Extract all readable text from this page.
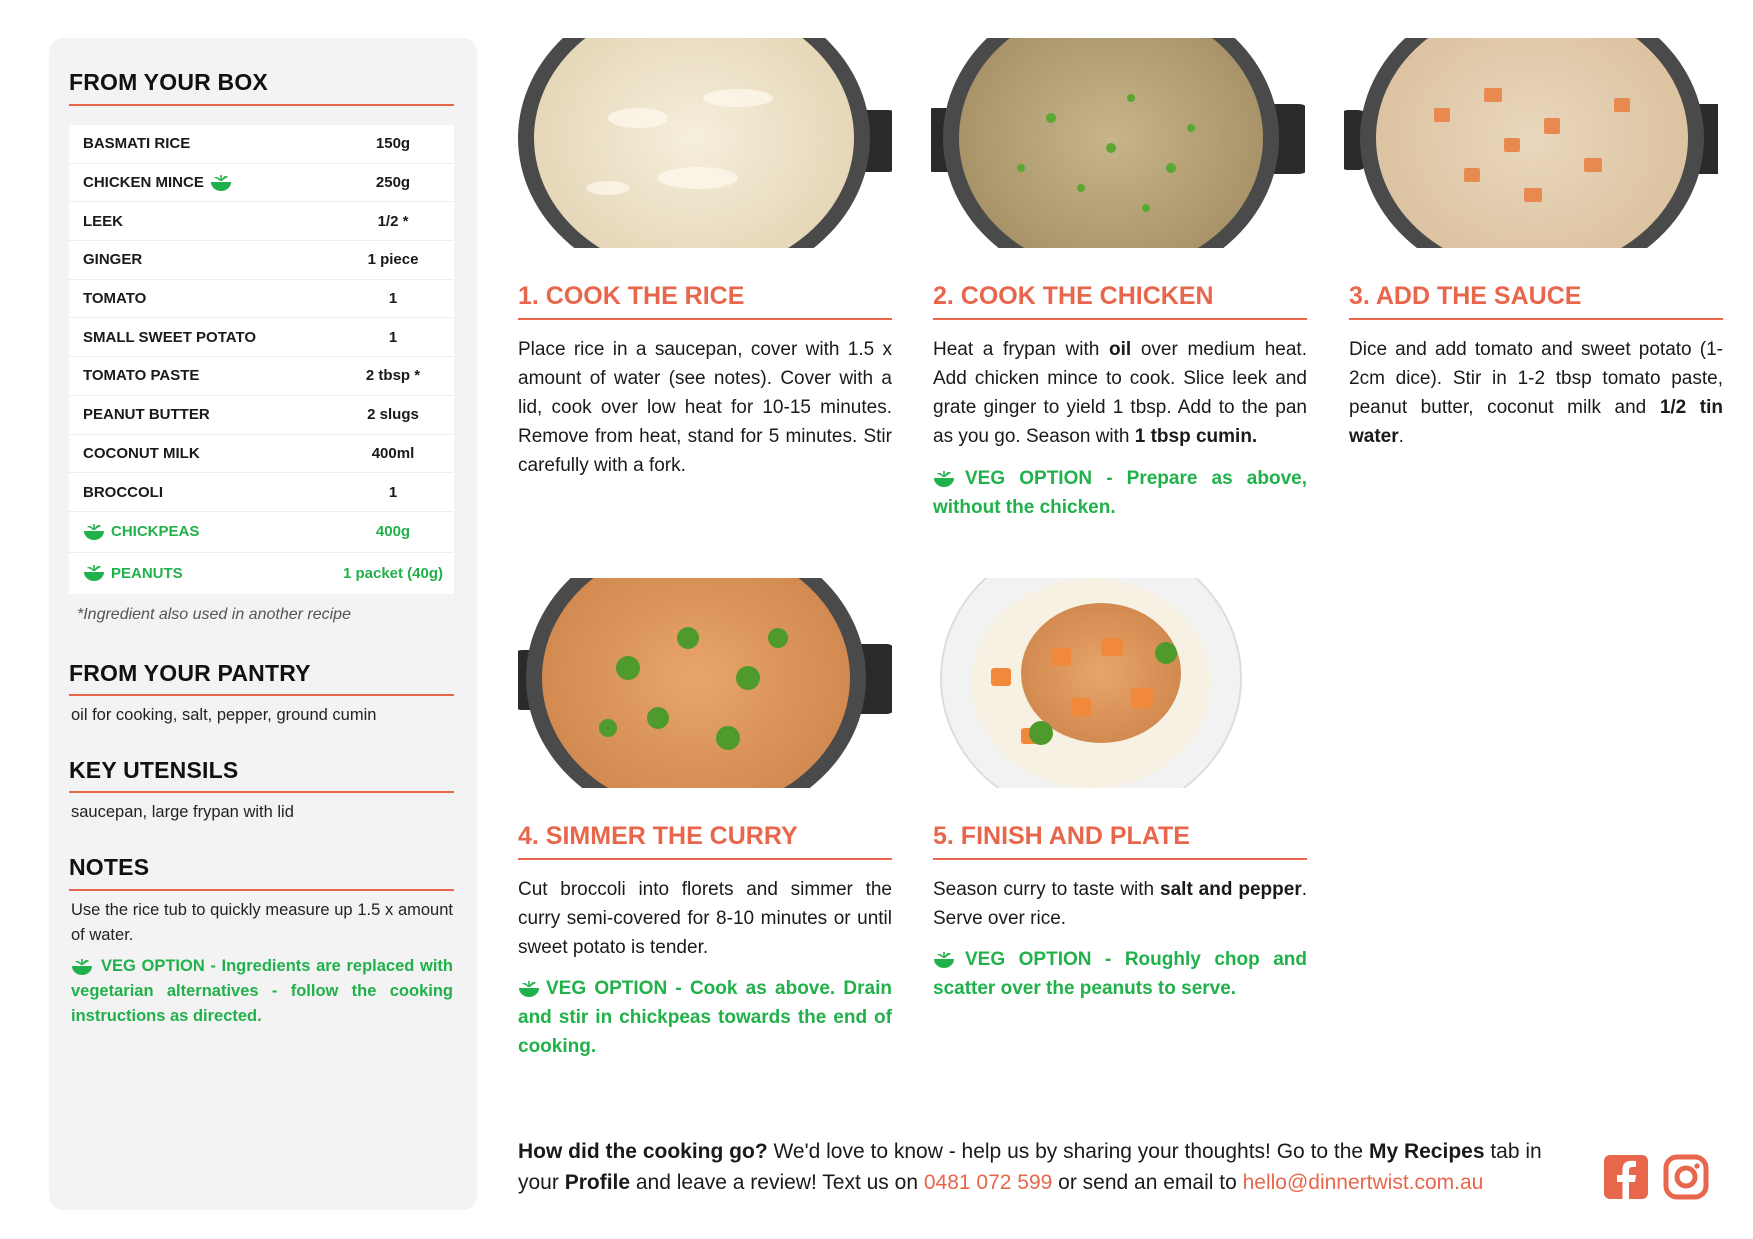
FROM YOUR BOX
BASMATI RICE	150g
CHICKEN MINCE	250g
LEEK	1/2 *
GINGER	1 piece
TOMATO	1
SMALL SWEET POTATO	1
TOMATO PASTE	2 tbsp *
PEANUT BUTTER	2 slugs
COCONUT MILK	400ml
BROCCOLI	1
CHICKPEAS	400g
PEANUTS	1 packet (40g)
*Ingredient also used in another recipe
FROM YOUR PANTRY
oil for cooking, salt, pepper, ground cumin
KEY UTENSILS
saucepan, large frypan with lid
NOTES
Use the rice tub to quickly measure up 1.5 x amount of water.
VEG OPTION - Ingredients are replaced with vegetarian alternatives - follow the cooking instructions as directed.
1. COOK THE RICE
Place rice in a saucepan, cover with 1.5 x amount of water (see notes). Cover with a lid, cook over low heat for 10-15 minutes. Remove from heat, stand for 5 minutes. Stir carefully with a fork.
2. COOK THE CHICKEN
Heat a frypan with oil over medium heat. Add chicken mince to cook. Slice leek and grate ginger to yield 1 tbsp. Add to the pan as you go. Season with 1 tbsp cumin.
VEG OPTION - Prepare as above, without the chicken.
3. ADD THE SAUCE
Dice and add tomato and sweet potato (1-2cm dice). Stir in 1-2 tbsp tomato paste, peanut butter, coconut milk and 1/2 tin water.
4. SIMMER THE CURRY
Cut broccoli into florets and simmer the curry semi-covered for 8-10 minutes or until sweet potato is tender.
VEG OPTION - Cook as above. Drain and stir in chickpeas towards the end of cooking.
5. FINISH AND PLATE
Season curry to taste with salt and pepper. Serve over rice.
VEG OPTION - Roughly chop and scatter over the peanuts to serve.
How did the cooking go? We'd love to know - help us by sharing your thoughts! Go to the My Recipes tab in your Profile and leave a review! Text us on 0481 072 599 or send an email to hello@dinnertwist.com.au
